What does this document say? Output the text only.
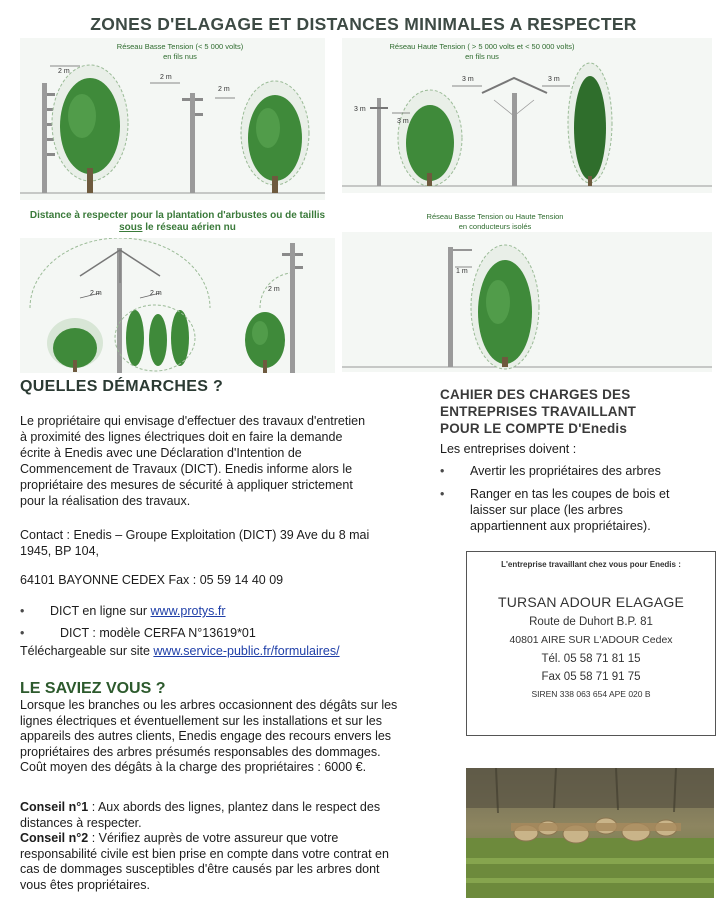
ZONES D'ELAGAGE ET DISTANCES MINIMALES A RESPECTER
Réseau Basse Tension (< 5 000 volts)
en fils nus
2 m
2 m
2 m
Réseau Haute Tension ( > 5 000 volts et < 50 000 volts)
en fils nus
3 m
3 m
3 m	3 m
Distance à respecter pour la plantation d'arbustes ou de taillis
sous le réseau aérien nu
2 m	2 m
2 m
Réseau Basse Tension ou Haute Tension
en conducteurs isolés
1 m
QUELLES DÉMARCHES ?
Le propriétaire qui envisage d'effectuer des travaux d'entretien
à proximité des lignes électriques doit en faire la demande
écrite à Enedis avec une Déclaration d'Intention de
Commencement de Travaux (DICT). Enedis informe alors le
propriétaire des mesures de sécurité à appliquer strictement
pour la réalisation des travaux.
Contact : Enedis – Groupe Exploitation (DICT) 39 Ave du 8 mai
1945, BP 104,
64101 BAYONNE CEDEX Fax : 05 59 14 40 09
• DICT en ligne sur www.protys.fr
•	DICT : modèle CERFA N°13619*01
Téléchargeable sur site www.service-public.fr/formulaires/
LE SAVIEZ VOUS ?
Lorsque les branches ou les arbres occasionnent des dégâts sur les
lignes électriques et éventuellement sur les installations et sur les
appareils des autres clients, Enedis engage des recours envers les
propriétaires des arbres présumés responsables des dommages.
Coût moyen des dégâts à la charge des propriétaires : 6000 €.
Conseil n°1 : Aux abords des lignes, plantez dans le respect des
distances à respecter.
Conseil n°2 : Vérifiez auprès de votre assureur que votre
responsabilité civile est bien prise en compte dans votre contrat en
cas de dommages susceptibles d'être causés par les arbres dont
vous êtes propriétaires.
CAHIER DES CHARGES DES
ENTREPRISES TRAVAILLANT
POUR LE COMPTE D'Enedis
Les entreprises doivent :
• Avertir les propriétaires des arbres
• Ranger en tas les coupes de bois et
laisser sur place (les arbres
appartiennent aux propriétaires).
L'entreprise travaillant chez vous pour Enedis :
TURSAN ADOUR ELAGAGE
Route de Duhort B.P. 81
40801 AIRE SUR L'ADOUR Cedex
Tél. 05 58 71 81 15
Fax 05 58 71 91 75
SIREN 338 063 654 APE 020 B
